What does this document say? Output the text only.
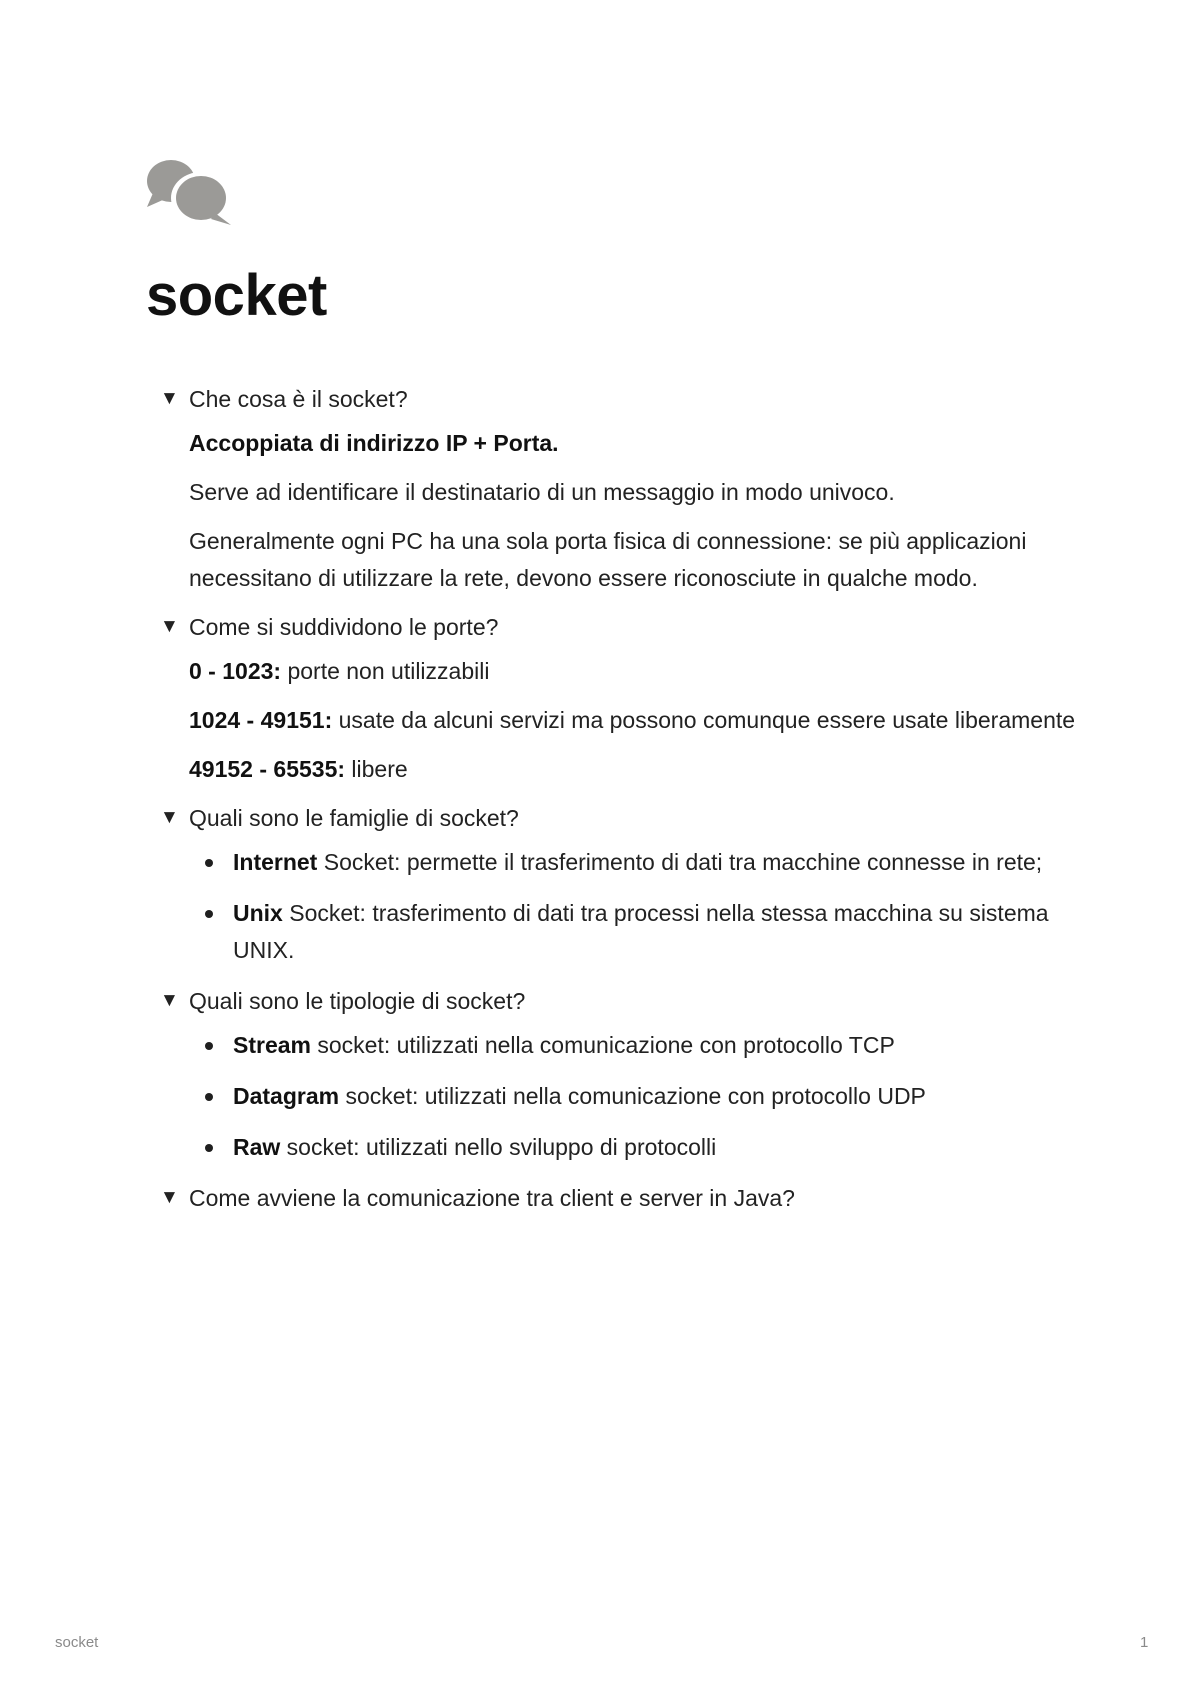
socket
▼ Che cosa è il socket?

Accoppiata di indirizzo IP + Porta.

Serve ad identificare il destinatario di un messaggio in modo univoco.

Generalmente ogni PC ha una sola porta fisica di connessione: se più applicazioni necessitano di utilizzare la rete, devono essere riconosciute in qualche modo.

▼ Come si suddividono le porte?

0 - 1023: porte non utilizzabili

1024 - 49151: usate da alcuni servizi ma possono comunque essere usate liberamente

49152 - 65535: libere

▼ Quali sono le famiglie di socket?
Internet Socket: permette il trasferimento di dati tra macchine connesse in rete;
Unix Socket: trasferimento di dati tra processi nella stessa macchina su sistema UNIX.
▼ Quali sono le tipologie di socket?
Stream socket: utilizzati nella comunicazione con protocollo TCP
Datagram socket: utilizzati nella comunicazione con protocollo UDP
Raw socket: utilizzati nello sviluppo di protocolli
▼ Come avviene la comunicazione tra client e server in Java?
socket	1
